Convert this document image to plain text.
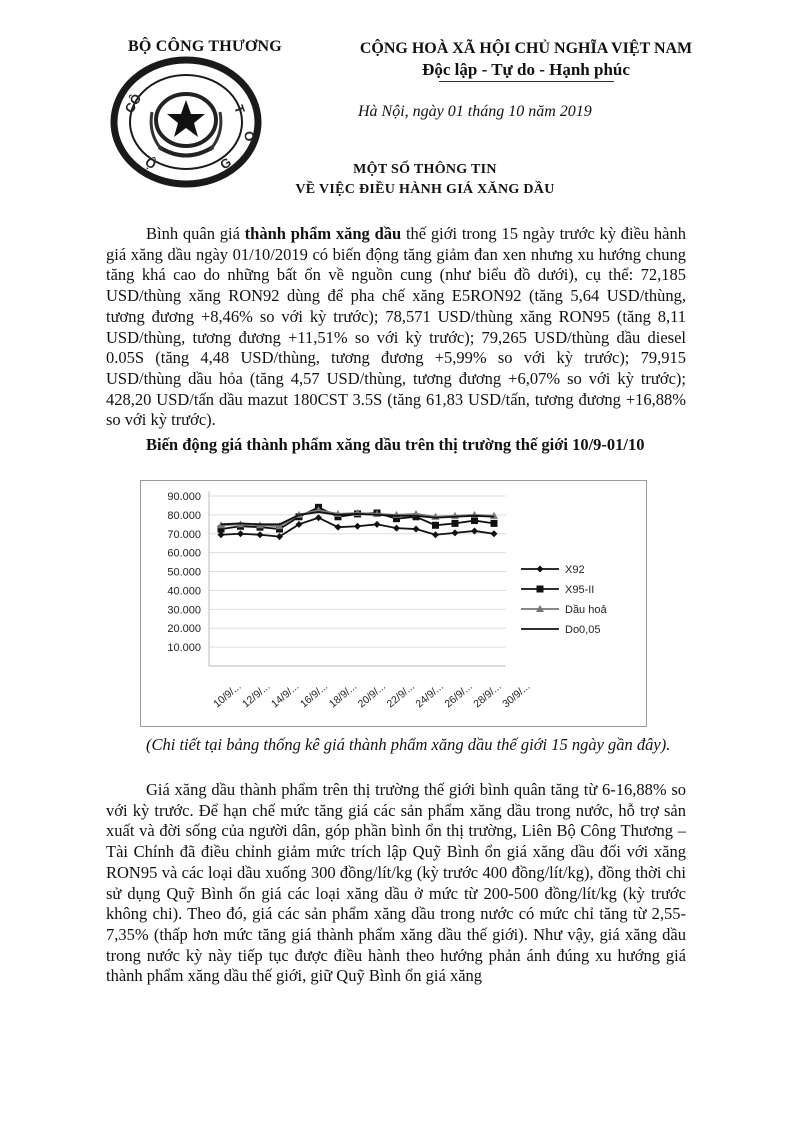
BỘ CÔNG THƯƠNG
CÔ	T
Ơ
Ộ	G
CỘNG HOÀ XÃ HỘI CHỦ NGHĨA VIỆT NAM
Độc lập - Tự do - Hạnh phúc
Hà Nội, ngày 01 tháng 10 năm 2019
MỘT SỐ THÔNG TIN
VỀ VIỆC ĐIỀU HÀNH GIÁ XĂNG DẦU

Bình quân giá thành phẩm xăng dầu thế giới trong 15 ngày trước kỳ điều hành giá xăng dầu ngày 01/10/2019 có biến động tăng giảm đan xen nhưng xu hướng chung tăng khá cao do những bất ổn về nguồn cung (như biểu đồ dưới), cụ thể: 72,185 USD/thùng xăng RON92 dùng để pha chế xăng E5RON92 (tăng 5,64 USD/thùng, tương đương +8,46% so với kỳ trước); 78,571 USD/thùng xăng RON95 (tăng 8,11 USD/thùng, tương đương +11,51% so với kỳ trước); 79,265 USD/thùng dầu diesel 0.05S (tăng 4,48 USD/thùng, tương đương +5,99% so với kỳ trước); 79,915 USD/thùng dầu hỏa (tăng 4,57 USD/thùng, tương đương +6,07% so với kỳ trước); 428,20 USD/tấn dầu mazut 180CST 3.5S (tăng 61,83 USD/tấn, tương đương +16,88% so với kỳ trước).

Biến động giá thành phẩm xăng dầu trên thị trường thế giới 10/9-01/10
90.000
80.000
70.000
60.000
50.000
40.000
30.000
20.000
10.000
10/9/...
12/9/...
14/9/...
16/9/...
18/9/...
20/9/...
22/9/...
24/9/...
26/9/...
28/9/...
30/9/...
X92
X95-II
Dầu hoả
Do0,05
(Chi tiết tại bảng thống kê giá thành phẩm xăng dầu thế giới 15 ngày gần đây).

Giá xăng dầu thành phẩm trên thị trường thế giới bình quân tăng từ 6-16,88% so với kỳ trước. Để hạn chế mức tăng giá các sản phẩm xăng dầu trong nước, hỗ trợ sản xuất và đời sống của người dân, góp phần bình ổn thị trường, Liên Bộ Công Thương – Tài Chính đã điều chỉnh giảm mức trích lập Quỹ Bình ổn giá xăng dầu đối với xăng RON95 và các loại dầu xuống 300 đồng/lít/kg (kỳ trước 400 đồng/lít/kg), đồng thời chi sử dụng Quỹ Bình ổn giá các loại xăng dầu ở mức từ 200-500 đồng/lít/kg (kỳ trước không chi). Theo đó, giá các sản phẩm xăng dầu trong nước có mức chỉ tăng từ 2,55-7,35% (thấp hơn mức tăng giá thành phẩm xăng dầu thế giới). Như vậy, giá xăng dầu trong nước kỳ này tiếp tục được điều hành theo hướng phản ánh đúng xu hướng giá thành phẩm xăng dầu thế giới, giữ Quỹ Bình ổn giá xăng
